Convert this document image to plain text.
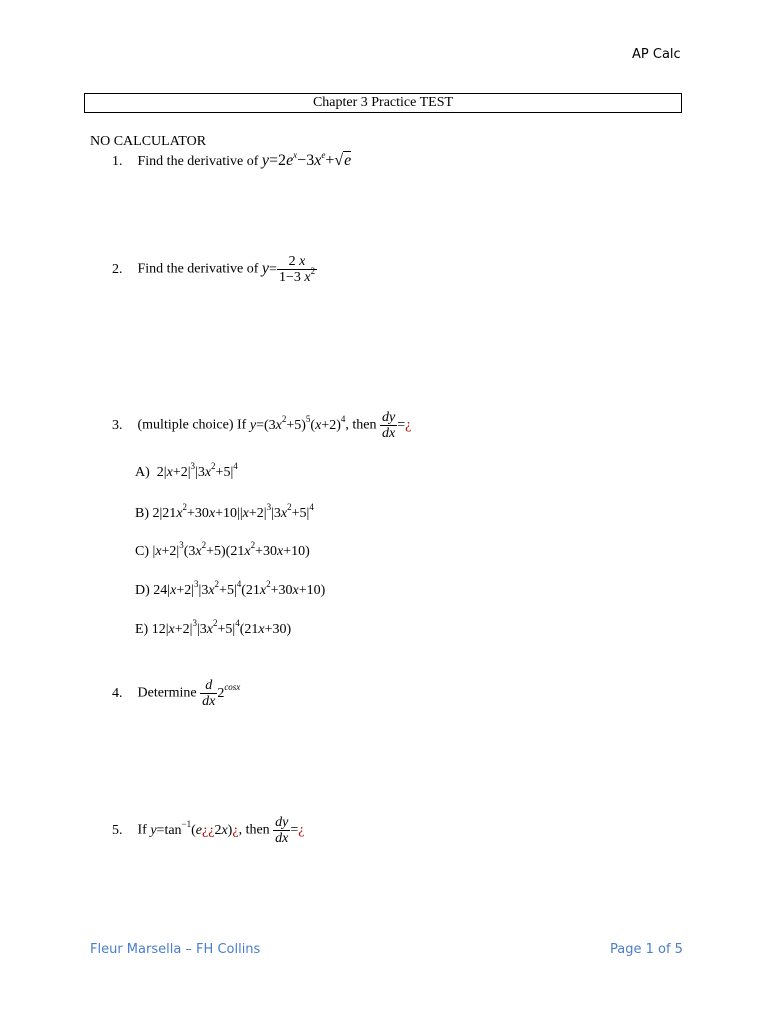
AP Calc
Chapter 3 Practice TEST
NO CALCULATOR
1. Find the derivative of $y=2e^x-3x^e+√e$
2. Find the derivative of $y= \frac{2 x}{1-3 x^2}$
3. (multiple choice) If $y=(3x^2+5)^5(x+2)^4$, then $\frac{dy}{dx}$ =¿
A)  $2|x+2|^3|3x^2+5|^4$
B) $2|21x^2+30x+10||x+2|^3|3x^2+5|^4$
C) $|x+2|^3(3x^2+5)(21x^2+30x+10)$
D) $24|x+2|^3|3x^2+5|^4(21x^2+30x+10)$
E) $12|x+2|^3|3x^2+5|^4(21x+30)$
4. Determine $\frac{d}{dx} 2^{cosx}$
5. If $y=\tan^{-1}(e¿¿2x)¿$, then $\frac{dy}{dx}$ =¿
Fleur Marsella – FH Collins	Page 1 of 5
